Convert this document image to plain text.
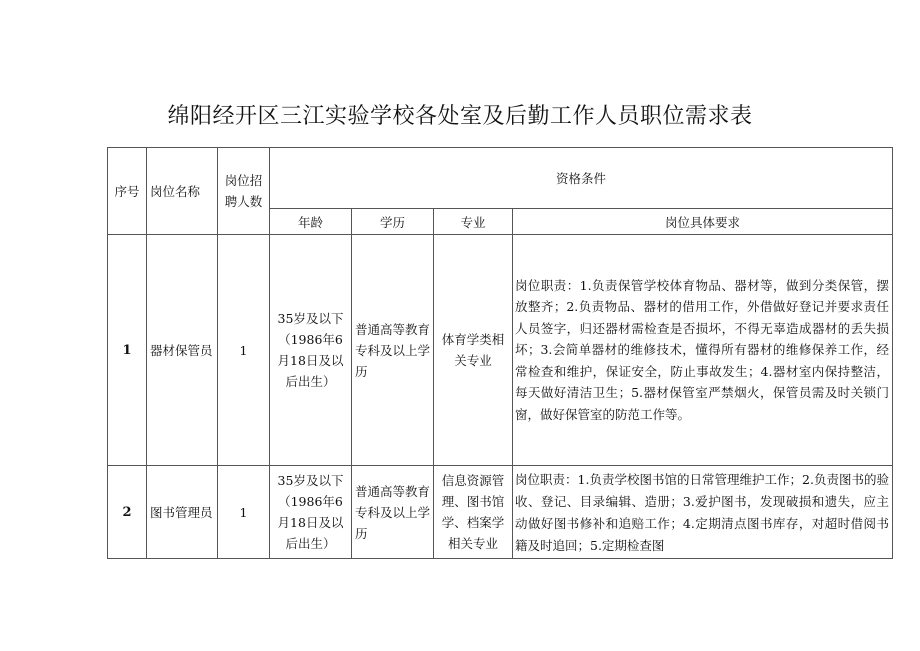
绵阳经开区三江实验学校各处室及后勤工作人员职位需求表
序号	岗位名称	岗位招聘人数	资格条件			
			年龄	学历	专业	岗位具体要求
1	器材保管员	1	35岁及以下（1986年6月18日及以后出生）	普通高等教育专科及以上学历	体育学类相关专业	岗位职责：1.负责保管学校体育物品、器材等，做到分类保管，摆放整齐；2.负责物品、器材的借用工作，外借做好登记并要求责任人员签字，归还器材需检查是否损坏，不得无辜造成器材的丢失损坏；3.会简单器材的维修技术，懂得所有器材的维修保养工作，经常检查和维护，保证安全，防止事故发生；4.器材室内保持整洁，每天做好清洁卫生；5.器材保管室严禁烟火，保管员需及时关锁门窗，做好保管室的防范工作等。
2	图书管理员	1	35岁及以下（1986年6月18日及以后出生）	普通高等教育专科及以上学历	信息资源管理、图书馆学、档案学相关专业	岗位职责：1.负责学校图书馆的日常管理维护工作；2.负责图书的验收、登记、目录编辑、造册；3.爱护图书，发现破损和遗失，应主动做好图书修补和追赔工作；4.定期清点图书库存，对超时借阅书籍及时追回；5.定期检查图
